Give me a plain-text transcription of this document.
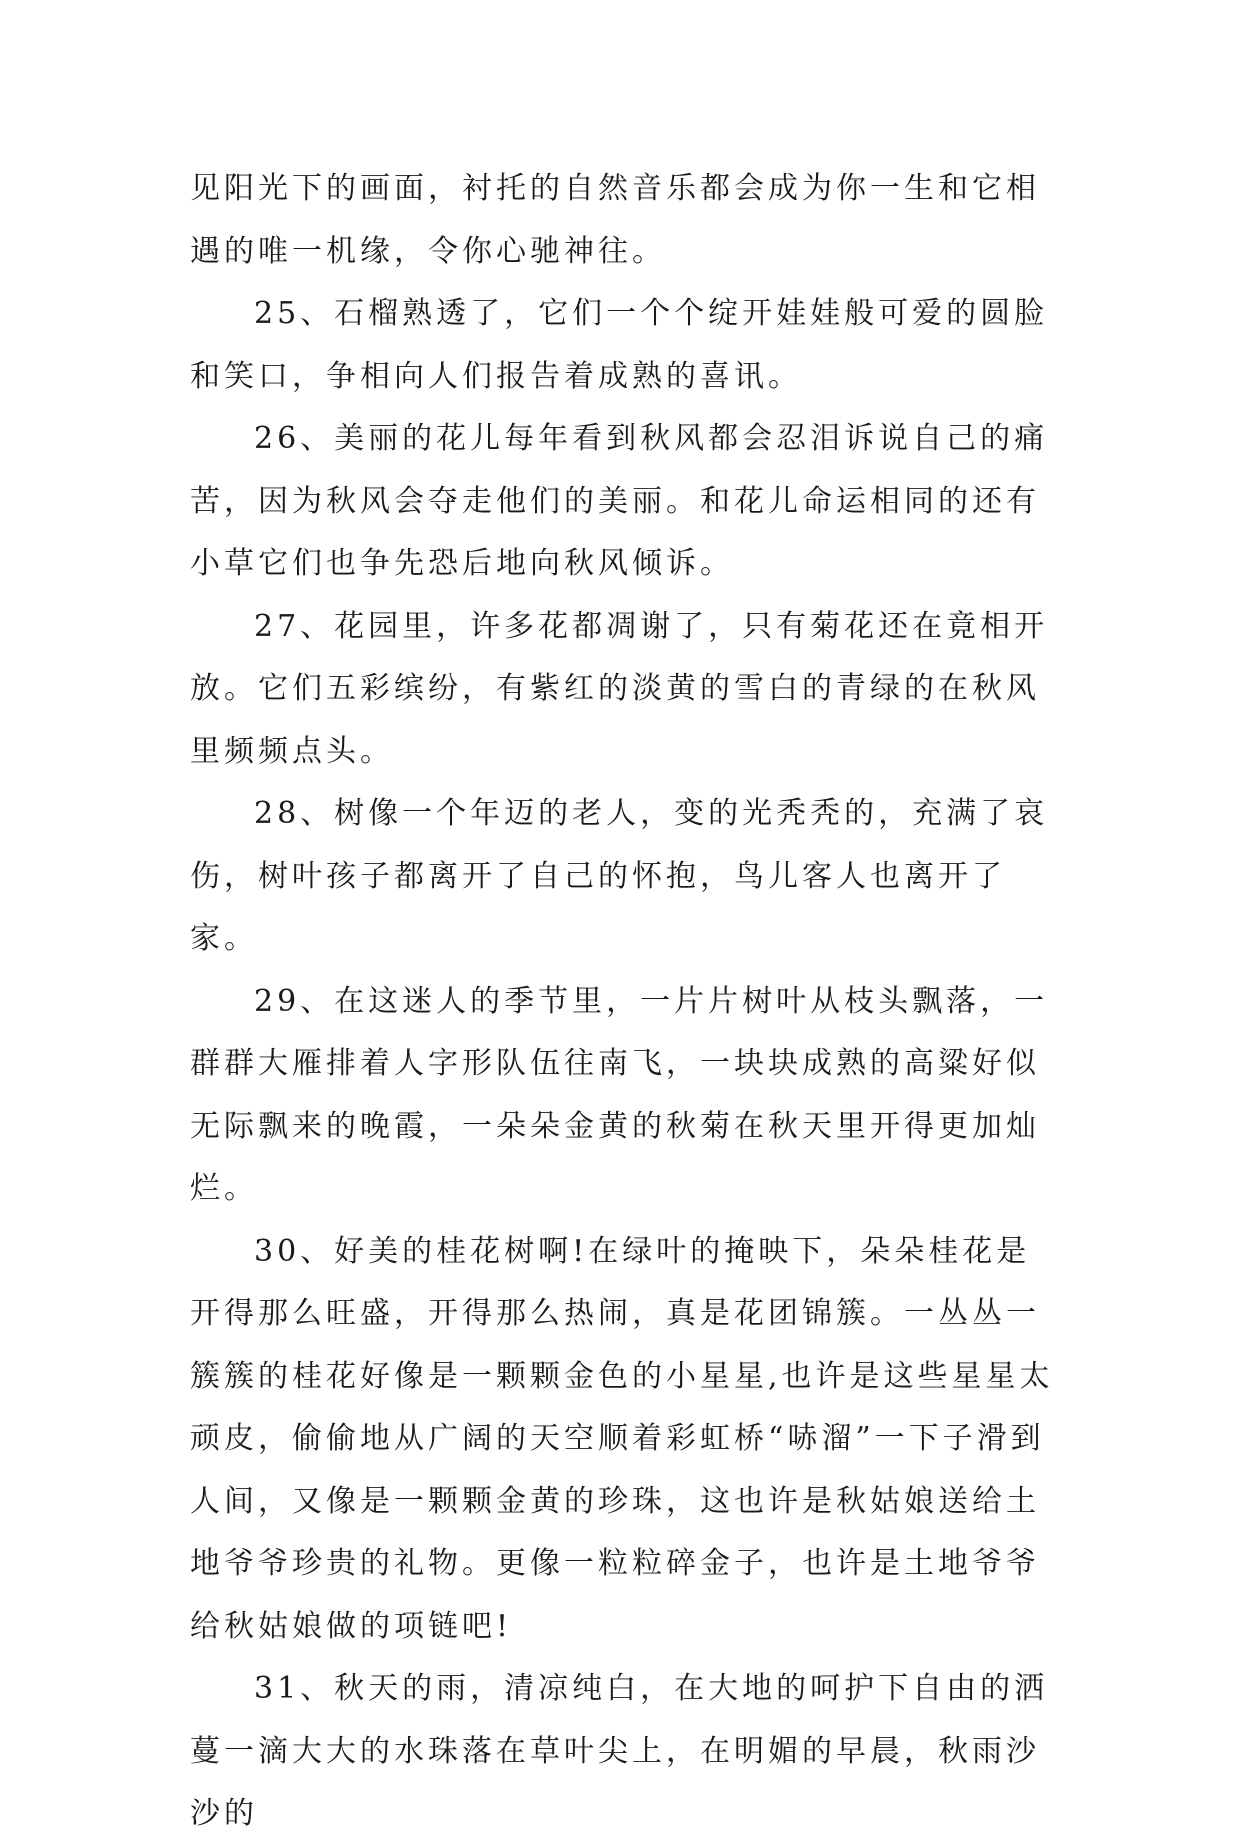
见阳光下的画面，衬托的自然音乐都会成为你一生和它相遇的唯一机缘，令你心驰神往。

25、石榴熟透了，它们一个个绽开娃娃般可爱的圆脸和笑口，争相向人们报告着成熟的喜讯。

26、美丽的花儿每年看到秋风都会忍泪诉说自己的痛苦，因为秋风会夺走他们的美丽。和花儿命运相同的还有小草它们也争先恐后地向秋风倾诉。

27、花园里，许多花都凋谢了，只有菊花还在竟相开放。它们五彩缤纷，有紫红的淡黄的雪白的青绿的在秋风里频频点头。

28、树像一个年迈的老人，变的光秃秃的，充满了哀伤，树叶孩子都离开了自己的怀抱，鸟儿客人也离开了家。

29、在这迷人的季节里，一片片树叶从枝头飘落，一群群大雁排着人字形队伍往南飞，一块块成熟的高粱好似无际飘来的晚霞，一朵朵金黄的秋菊在秋天里开得更加灿烂。

30、好美的桂花树啊!在绿叶的掩映下，朵朵桂花是开得那么旺盛，开得那么热闹，真是花团锦簇。一丛丛一簇簇的桂花好像是一颗颗金色的小星星,也许是这些星星太顽皮，偷偷地从广阔的天空顺着彩虹桥“哧溜”一下子滑到人间，又像是一颗颗金黄的珍珠，这也许是秋姑娘送给土地爷爷珍贵的礼物。更像一粒粒碎金子，也许是土地爷爷给秋姑娘做的项链吧!

31、秋天的雨，清凉纯白，在大地的呵护下自由的洒蔓一滴大大的水珠落在草叶尖上，在明媚的早晨，秋雨沙沙的
